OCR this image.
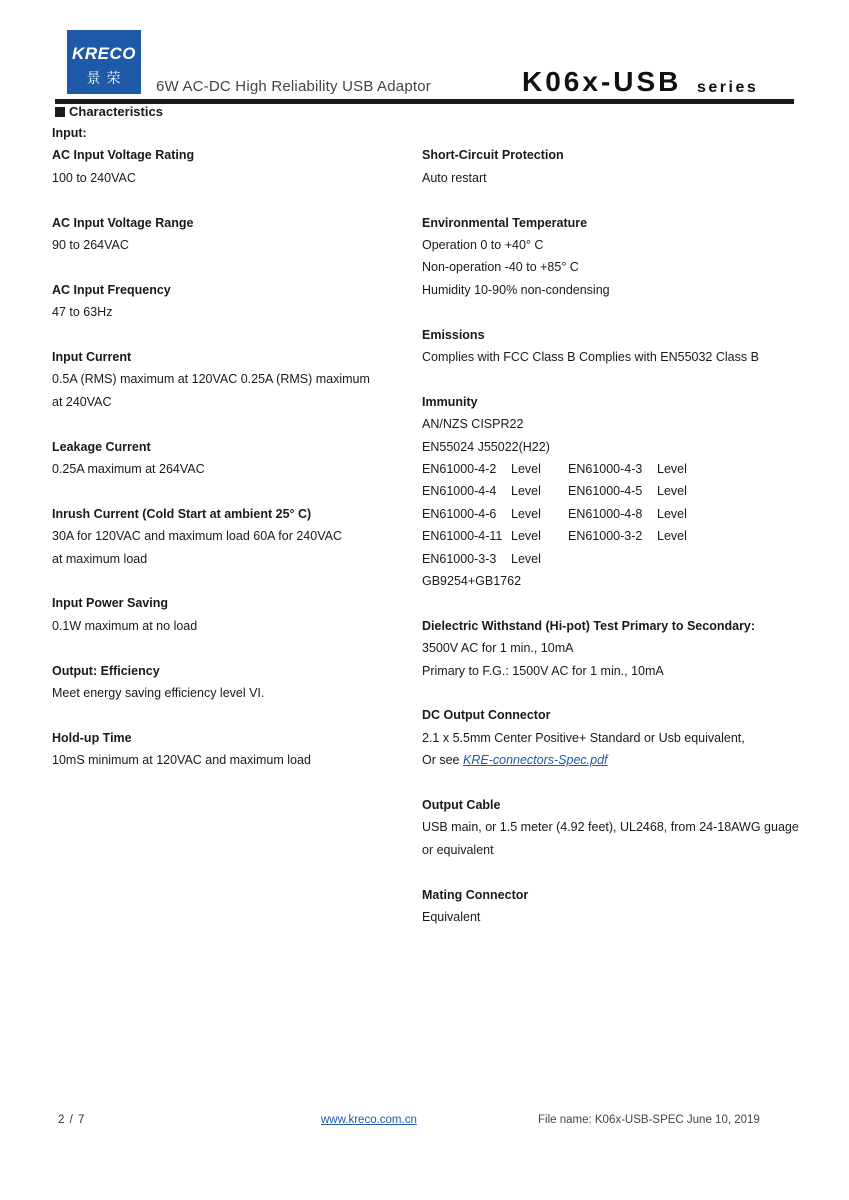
KRECO
景荣	6W AC-DC High Reliability USB Adaptor	K06x-USB series
Characteristics
Input:
AC Input Voltage Rating
100 to 240VAC
AC Input Voltage Range
90 to 264VAC
AC Input Frequency
47 to 63Hz
Input Current
0.5A (RMS) maximum at 120VAC 0.25A (RMS) maximum
at 240VAC
Leakage Current
0.25A maximum at 264VAC
Inrush Current (Cold Start at ambient 25° C)
30A for 120VAC and maximum load 60A for 240VAC
at maximum load
Input Power Saving
0.1W maximum at no load
Output: Efficiency
Meet energy saving efficiency level VI.
Hold-up Time
10mS minimum at 120VAC and maximum load
Short-Circuit Protection
Auto restart
Environmental Temperature
Operation 0 to +40° C
Non-operation -40 to +85° C
Humidity 10-90% non-condensing
Emissions
Complies with FCC Class B Complies with EN55032 Class B
Immunity
AN/NZS CISPR22
EN55024 J55022(H22)
EN61000-4-2 Level EN61000-4-3 Level
EN61000-4-4 Level EN61000-4-5 Level
EN61000-4-6 Level EN61000-4-8 Level
EN61000-4-11 Level EN61000-3-2 Level
EN61000-3-3 Level
GB9254+GB1762
Dielectric Withstand (Hi-pot) Test Primary to Secondary:
3500V AC for 1 min., 10mA
Primary to F.G.: 1500V AC for 1 min., 10mA
DC Output Connector
2.1 x 5.5mm Center Positive+ Standard or Usb equivalent,
Or see KRE-connectors-Spec.pdf
Output Cable
USB main, or 1.5 meter (4.92 feet), UL2468, from 24-18AWG guage or equivalent
Mating Connector
Equivalent
2 / 7	www.kreco.com.cn	File name: K06x-USB-SPEC June 10, 2019
